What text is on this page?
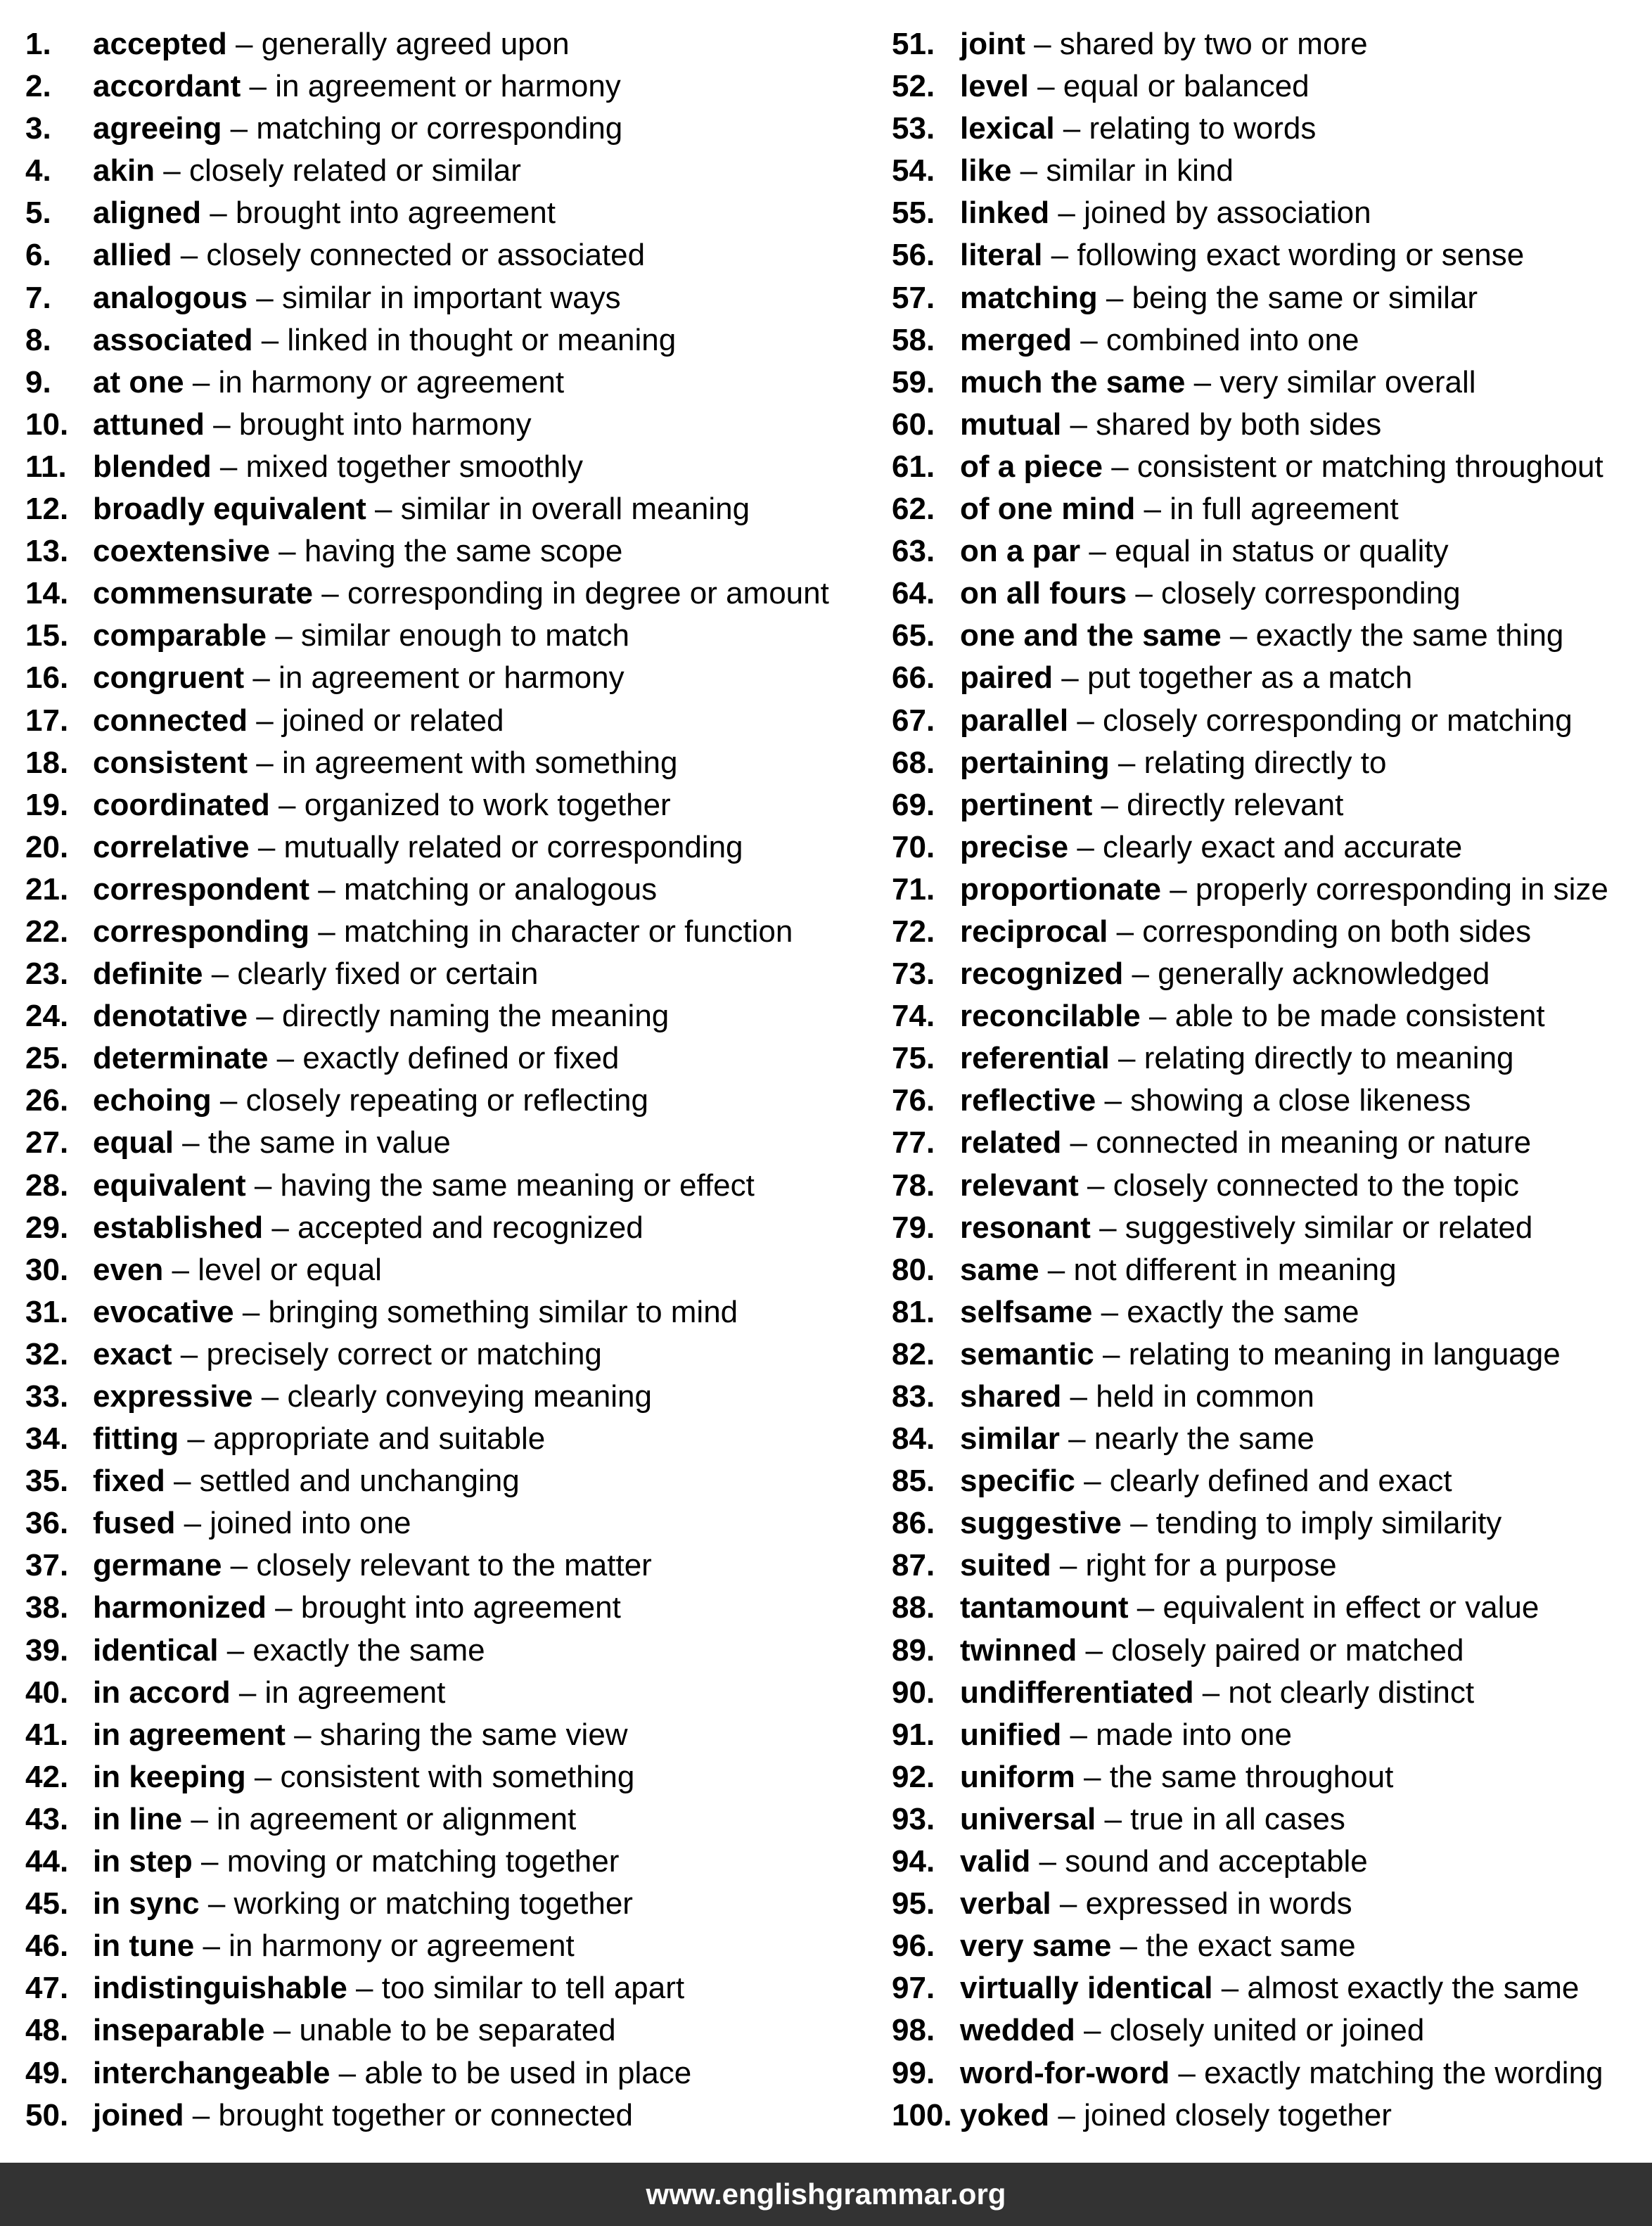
1. accepted – generally agreed upon
2. accordant – in agreement or harmony
3. agreeing – matching or corresponding
4. akin – closely related or similar
5. aligned – brought into agreement
6. allied – closely connected or associated
7. analogous – similar in important ways
8. associated – linked in thought or meaning
9. at one – in harmony or agreement
10. attuned – brought into harmony
11. blended – mixed together smoothly
12. broadly equivalent – similar in overall meaning
13. coextensive – having the same scope
14. commensurate – corresponding in degree or amount
15. comparable – similar enough to match
16. congruent – in agreement or harmony
17. connected – joined or related
18. consistent – in agreement with something
19. coordinated – organized to work together
20. correlative – mutually related or corresponding
21. correspondent – matching or analogous
22. corresponding – matching in character or function
23. definite – clearly fixed or certain
24. denotative – directly naming the meaning
25. determinate – exactly defined or fixed
26. echoing – closely repeating or reflecting
27. equal – the same in value
28. equivalent – having the same meaning or effect
29. established – accepted and recognized
30. even – level or equal
31. evocative – bringing something similar to mind
32. exact – precisely correct or matching
33. expressive – clearly conveying meaning
34. fitting – appropriate and suitable
35. fixed – settled and unchanging
36. fused – joined into one
37. germane – closely relevant to the matter
38. harmonized – brought into agreement
39. identical – exactly the same
40. in accord – in agreement
41. in agreement – sharing the same view
42. in keeping – consistent with something
43. in line – in agreement or alignment
44. in step – moving or matching together
45. in sync – working or matching together
46. in tune – in harmony or agreement
47. indistinguishable – too similar to tell apart
48. inseparable – unable to be separated
49. interchangeable – able to be used in place
50. joined – brought together or connected
51. joint – shared by two or more
52. level – equal or balanced
53. lexical – relating to words
54. like – similar in kind
55. linked – joined by association
56. literal – following exact wording or sense
57. matching – being the same or similar
58. merged – combined into one
59. much the same – very similar overall
60. mutual – shared by both sides
61. of a piece – consistent or matching throughout
62. of one mind – in full agreement
63. on a par – equal in status or quality
64. on all fours – closely corresponding
65. one and the same – exactly the same thing
66. paired – put together as a match
67. parallel – closely corresponding or matching
68. pertaining – relating directly to
69. pertinent – directly relevant
70. precise – clearly exact and accurate
71. proportionate – properly corresponding in size
72. reciprocal – corresponding on both sides
73. recognized – generally acknowledged
74. reconcilable – able to be made consistent
75. referential – relating directly to meaning
76. reflective – showing a close likeness
77. related – connected in meaning or nature
78. relevant – closely connected to the topic
79. resonant – suggestively similar or related
80. same – not different in meaning
81. selfsame – exactly the same
82. semantic – relating to meaning in language
83. shared – held in common
84. similar – nearly the same
85. specific – clearly defined and exact
86. suggestive – tending to imply similarity
87. suited – right for a purpose
88. tantamount – equivalent in effect or value
89. twinned – closely paired or matched
90. undifferentiated – not clearly distinct
91. unified – made into one
92. uniform – the same throughout
93. universal – true in all cases
94. valid – sound and acceptable
95. verbal – expressed in words
96. very same – the exact same
97. virtually identical – almost exactly the same
98. wedded – closely united or joined
99. word-for-word – exactly matching the wording
100. yoked – joined closely together
www.englishgrammar.org
